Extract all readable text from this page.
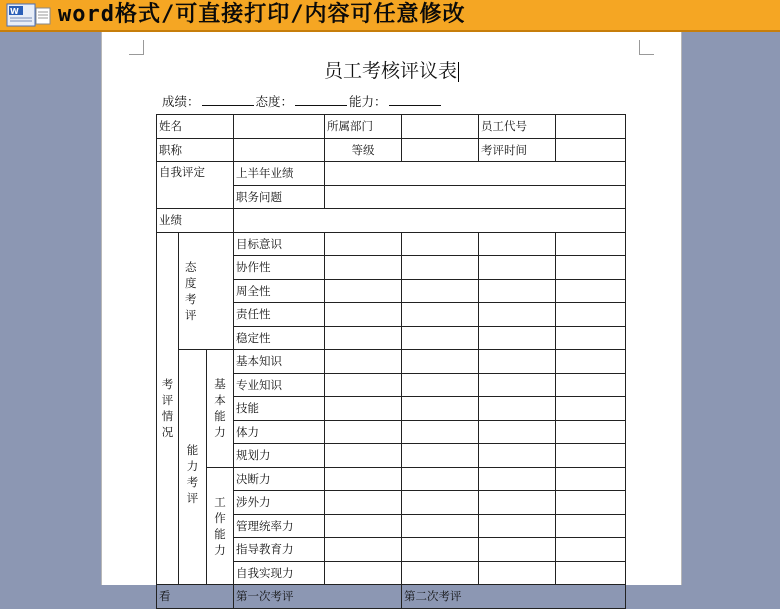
W word格式/可直接打印/内容可任意修改
员工考核评议表
成绩：	态度：	能力：
姓名				所属部门		员工代号	
职称				等级		考评时间	
自我评定			上半年业绩				
			职务问题				
业绩							
考评情况	态度考评		目标意识				
			协作性				
			周全性				
			责任性				
			稳定性				
	能力考评	基本能力	基本知识				
			专业知识				
			技能				
			体力				
			规划力				
		工作能力	决断力				
			涉外力				
			管理统率力				
			指导教育力				
			自我实现力				
看			第一次考评		第二次考评		
